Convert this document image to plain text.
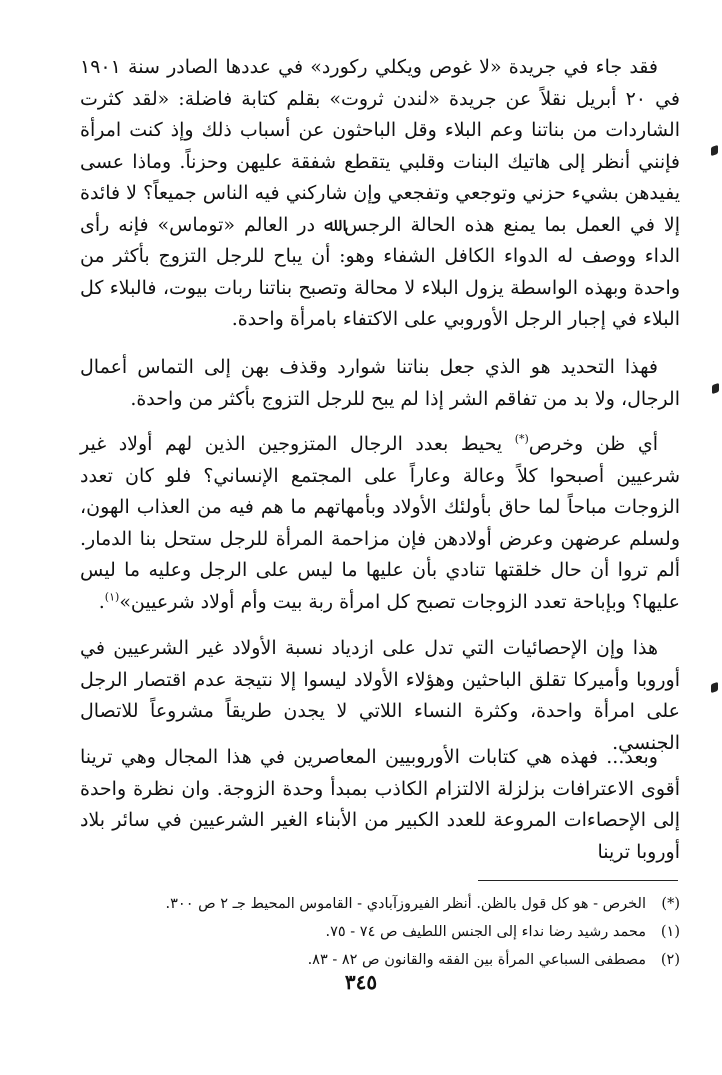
فقد جاء في جريدة «لا غوص ويكلي ركورد» في عددها الصادر سنة ١٩٠١ في ٢٠ أبريل نقلاً عن جريدة «لندن ثروت» بقلم كتابة فاضلة: «لقد كثرت الشاردات من بناتنا وعم البلاء وقل الباحثون عن أسباب ذلك وإذ كنت امرأة فإنني أنظر إلى هاتيك البنات وقلبي يتقطع شفقة عليهن وحزناً. وماذا عسى يفيدهن بشيء حزني وتوجعي وتفجعي وإن شاركني فيه الناس جميعاً؟ لا فائدة إلا في العمل بما يمنع هذه الحالة الرجس ﷲ در العالم «توماس» فإنه رأى الداء ووصف له الدواء الكافل الشفاء وهو: أن يباح للرجل التزوج بأكثر من واحدة وبهذه الواسطة يزول البلاء لا محالة وتصبح بناتنا ربات بيوت، فالبلاء كل البلاء في إجبار الرجل الأوروبي على الاكتفاء بامرأة واحدة.

فهذا التحديد هو الذي جعل بناتنا شوارد وقذف بهن إلى التماس أعمال الرجال، ولا بد من تفاقم الشر إذا لم يبح للرجل التزوج بأكثر من واحدة.

أي ظن وخرص(*) يحيط بعدد الرجال المتزوجين الذين لهم أولاد غير شرعيين أصبحوا كلاً وعالة وعاراً على المجتمع الإنساني؟ فلو كان تعدد الزوجات مباحاً لما حاق بأولئك الأولاد وبأمهاتهم ما هم فيه من العذاب الهون، ولسلم عرضهن وعرض أولادهن فإن مزاحمة المرأة للرجل ستحل بنا الدمار. ألم تروا أن حال خلقتها تنادي بأن عليها ما ليس على الرجل وعليه ما ليس عليها؟ وبإباحة تعدد الزوجات تصبح كل امرأة ربة بيت وأم أولاد شرعيين»$^{(١)}$.

هذا وإن الإحصائيات التي تدل على ازدياد نسبة الأولاد غير الشرعيين في أوروبا وأميركا تقلق الباحثين وهؤلاء الأولاد ليسوا إلا نتيجة عدم اقتصار الرجل على امرأة واحدة، وكثرة النساء اللاتي لا يجدن طريقاً مشروعاً للاتصال الجنسي.

وبعد... فهذه هي كتابات الأوروبيين المعاصرين في هذا المجال وهي ترينا أقوى الاعترافات بزلزلة الالتزام الكاذب بمبدأ وحدة الزوجة. وان نظرة واحدة إلى الإحصاءات المروعة للعدد الكبير من الأبناء الغير الشرعيين في سائر بلاد أوروبا ترينا

(*)
الخرص - هو كل قول بالظن. أنظر الفيروزآبادي - القاموس المحيط جـ ٢ ص ٣٠٠.
(١)
محمد رشيد رضا نداء إلى الجنس اللطيف ص ٧٤ - ٧٥.
(٢)
مصطفى السباعي المرأة بين الفقه والقانون ص ٨٢ - ٨٣.
٣٤٥
